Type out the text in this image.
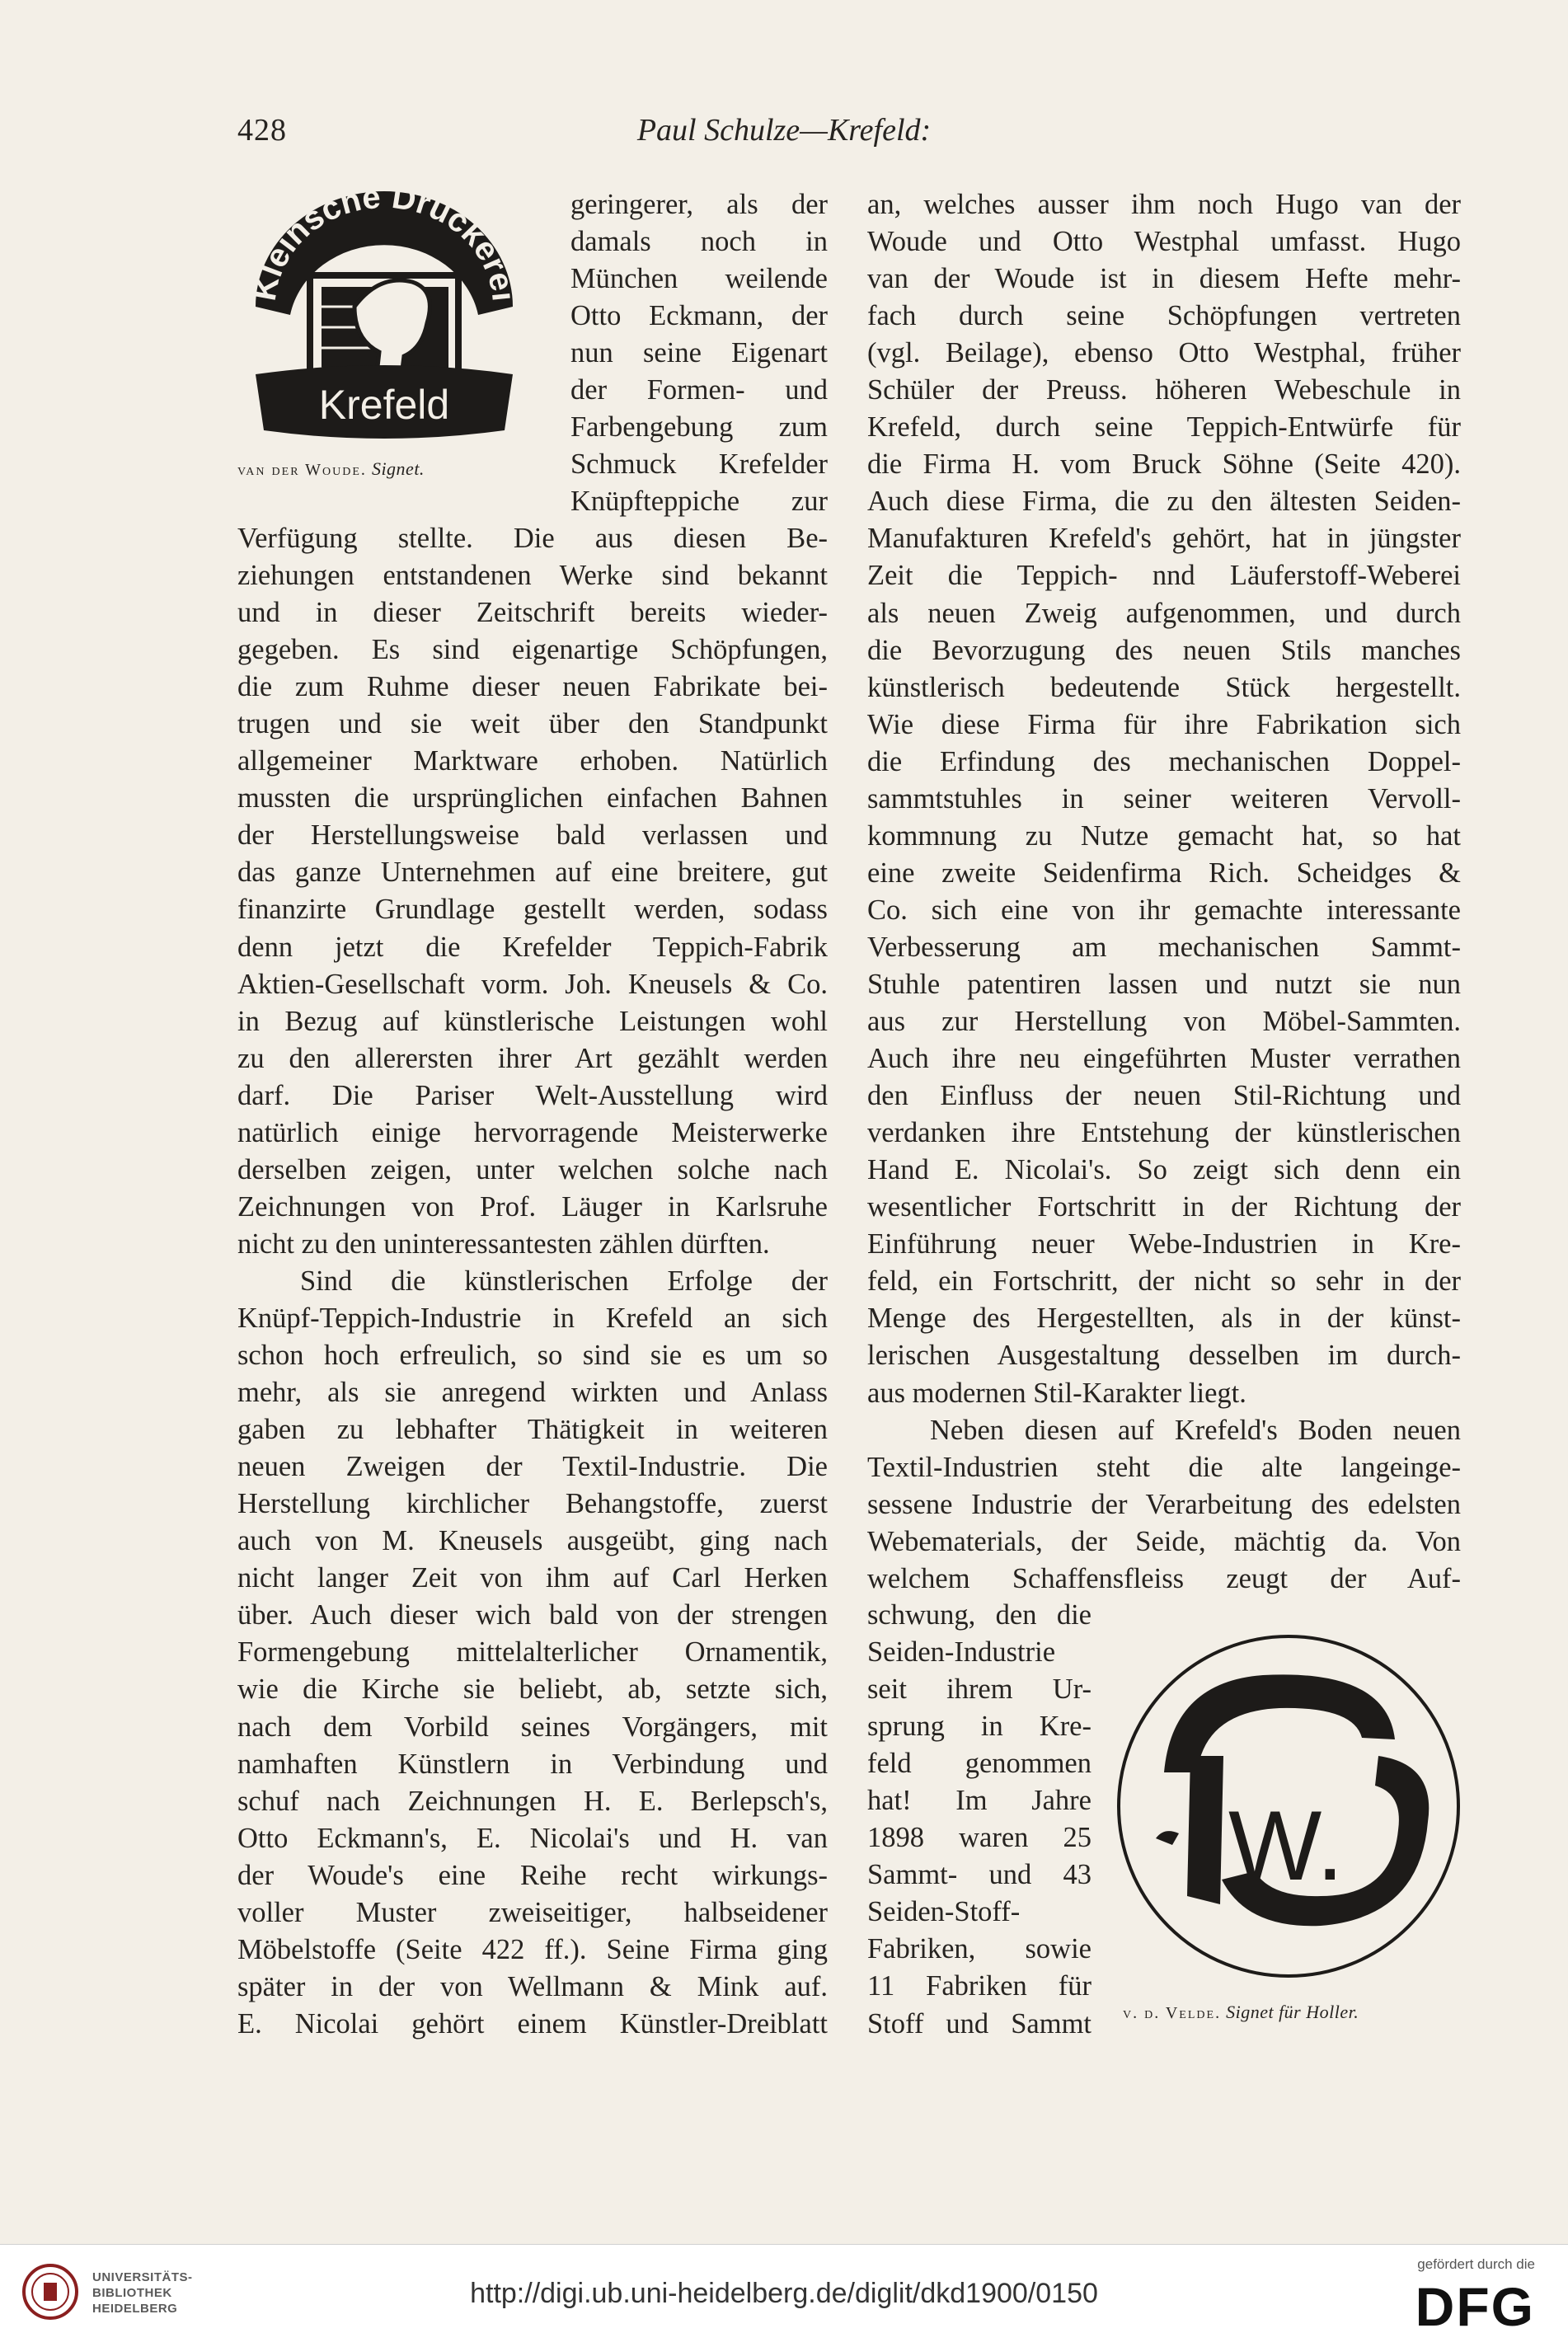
428	Paul Schulze—Krefeld:
Kleinsche Druckerei
Krefeld
van der Woude. Signet.
W.
v. d. Velde. Signet für Holler.
geringerer, als der
damals noch in
München weilende
Otto Eckmann, der
nun seine Eigenart
der Formen- und
Farbengebung zum
Schmuck Krefelder
Knüpfteppiche zur
Verfügung stellte. Die aus diesen Be-
ziehungen entstandenen Werke sind bekannt
und in dieser Zeitschrift bereits wieder-
gegeben. Es sind eigenartige Schöpfungen,
die zum Ruhme dieser neuen Fabrikate bei-
trugen und sie weit über den Standpunkt
allgemeiner Marktware erhoben. Natürlich
mussten die ursprünglichen einfachen Bahnen
der Herstellungsweise bald verlassen und
das ganze Unternehmen auf eine breitere, gut
finanzirte Grundlage gestellt werden, sodass
denn jetzt die Krefelder Teppich-Fabrik
Aktien-Gesellschaft vorm. Joh. Kneusels & Co.
in Bezug auf künstlerische Leistungen wohl
zu den allerersten ihrer Art gezählt werden
darf. Die Pariser Welt-Ausstellung wird
natürlich einige hervorragende Meisterwerke
derselben zeigen, unter welchen solche nach
Zeichnungen von Prof. Läuger in Karlsruhe
nicht zu den uninteressantesten zählen dürften.
Sind die künstlerischen Erfolge der
Knüpf-Teppich-Industrie in Krefeld an sich
schon hoch erfreulich, so sind sie es um so
mehr, als sie anregend wirkten und Anlass
gaben zu lebhafter Thätigkeit in weiteren
neuen Zweigen der Textil-Industrie. Die
Herstellung kirchlicher Behangstoffe, zuerst
auch von M. Kneusels ausgeübt, ging nach
nicht langer Zeit von ihm auf Carl Herken
über. Auch dieser wich bald von der strengen
Formengebung mittelalterlicher Ornamentik,
wie die Kirche sie beliebt, ab, setzte sich,
nach dem Vorbild seines Vorgängers, mit
namhaften Künstlern in Verbindung und
schuf nach Zeichnungen H. E. Berlepsch's,
Otto Eckmann's, E. Nicolai's und H. van
der Woude's eine Reihe recht wirkungs-
voller Muster zweiseitiger, halbseidener
Möbelstoffe (Seite 422 ff.). Seine Firma ging
später in der von Wellmann & Mink auf.
E. Nicolai gehört einem Künstler-Dreiblatt
an, welches ausser ihm noch Hugo van der
Woude und Otto Westphal umfasst. Hugo
van der Woude ist in diesem Hefte mehr-
fach durch seine Schöpfungen vertreten
(vgl. Beilage), ebenso Otto Westphal, früher
Schüler der Preuss. höheren Webeschule in
Krefeld, durch seine Teppich-Entwürfe für
die Firma H. vom Bruck Söhne (Seite 420).
Auch diese Firma, die zu den ältesten Seiden-
Manufakturen Krefeld's gehört, hat in jüngster
Zeit die Teppich- nnd Läuferstoff-Weberei
als neuen Zweig aufgenommen, und durch
die Bevorzugung des neuen Stils manches
künstlerisch bedeutende Stück hergestellt.
Wie diese Firma für ihre Fabrikation sich
die Erfindung des mechanischen Doppel-
sammtstuhles in seiner weiteren Vervoll-
kommnung zu Nutze gemacht hat, so hat
eine zweite Seidenfirma Rich. Scheidges &
Co. sich eine von ihr gemachte interessante
Verbesserung am mechanischen Sammt-
Stuhle patentiren lassen und nutzt sie nun
aus zur Herstellung von Möbel-Sammten.
Auch ihre neu eingeführten Muster verrathen
den Einfluss der neuen Stil-Richtung und
verdanken ihre Entstehung der künstlerischen
Hand E. Nicolai's. So zeigt sich denn ein
wesentlicher Fortschritt in der Richtung der
Einführung neuer Webe-Industrien in Kre-
feld, ein Fortschritt, der nicht so sehr in der
Menge des Hergestellten, als in der künst-
lerischen Ausgestaltung desselben im durch-
aus modernen Stil-Karakter liegt.
Neben diesen auf Krefeld's Boden neuen
Textil-Industrien steht die alte langeinge-
sessene Industrie der Verarbeitung des edelsten
Webematerials, der Seide, mächtig da. Von
welchem Schaffensfleiss zeugt der Auf-
schwung, den die
Seiden-Industrie
seit ihrem Ur-
sprung in Kre-
feld genommen
hat! Im Jahre
1898 waren 25
Sammt- und 43
Seiden-Stoff-
Fabriken, sowie
11 Fabriken für
Stoff und Sammt
UNIVERSITÄTS-
BIBLIOTHEK
HEIDELBERG	http://digi.ub.uni-heidelberg.de/diglit/dkd1900/0150
gefördert durch die
DFG
